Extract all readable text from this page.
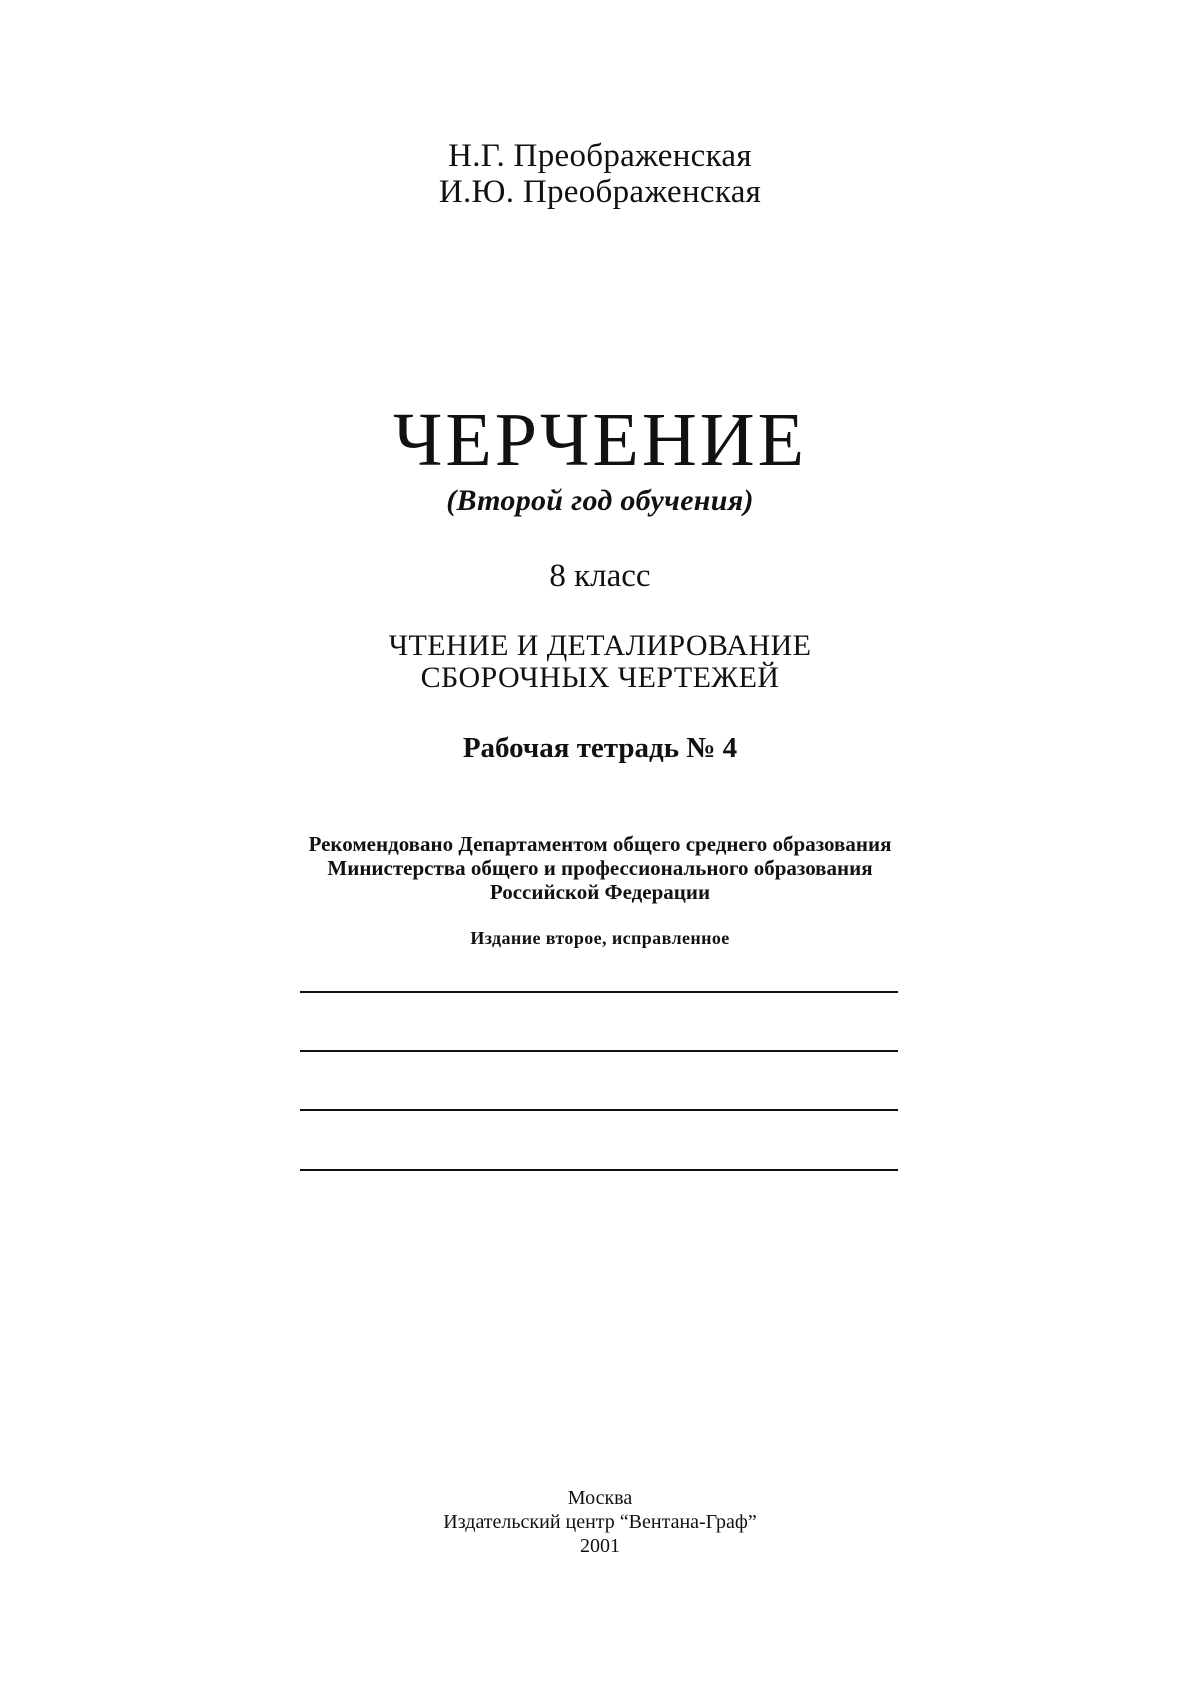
Н.Г. Преображенская
И.Ю. Преображенская
ЧЕРЧЕНИЕ
(Второй год обучения)
8 класс
ЧТЕНИЕ И ДЕТАЛИРОВАНИЕ
СБОРОЧНЫХ ЧЕРТЕЖЕЙ
Рабочая тетрадь № 4
Рекомендовано Департаментом общего среднего образования
Министерства общего и профессионального образования
Российской Федерации
Издание второе, исправленное
Москва
Издательский центр “Вентана-Граф”
2001
